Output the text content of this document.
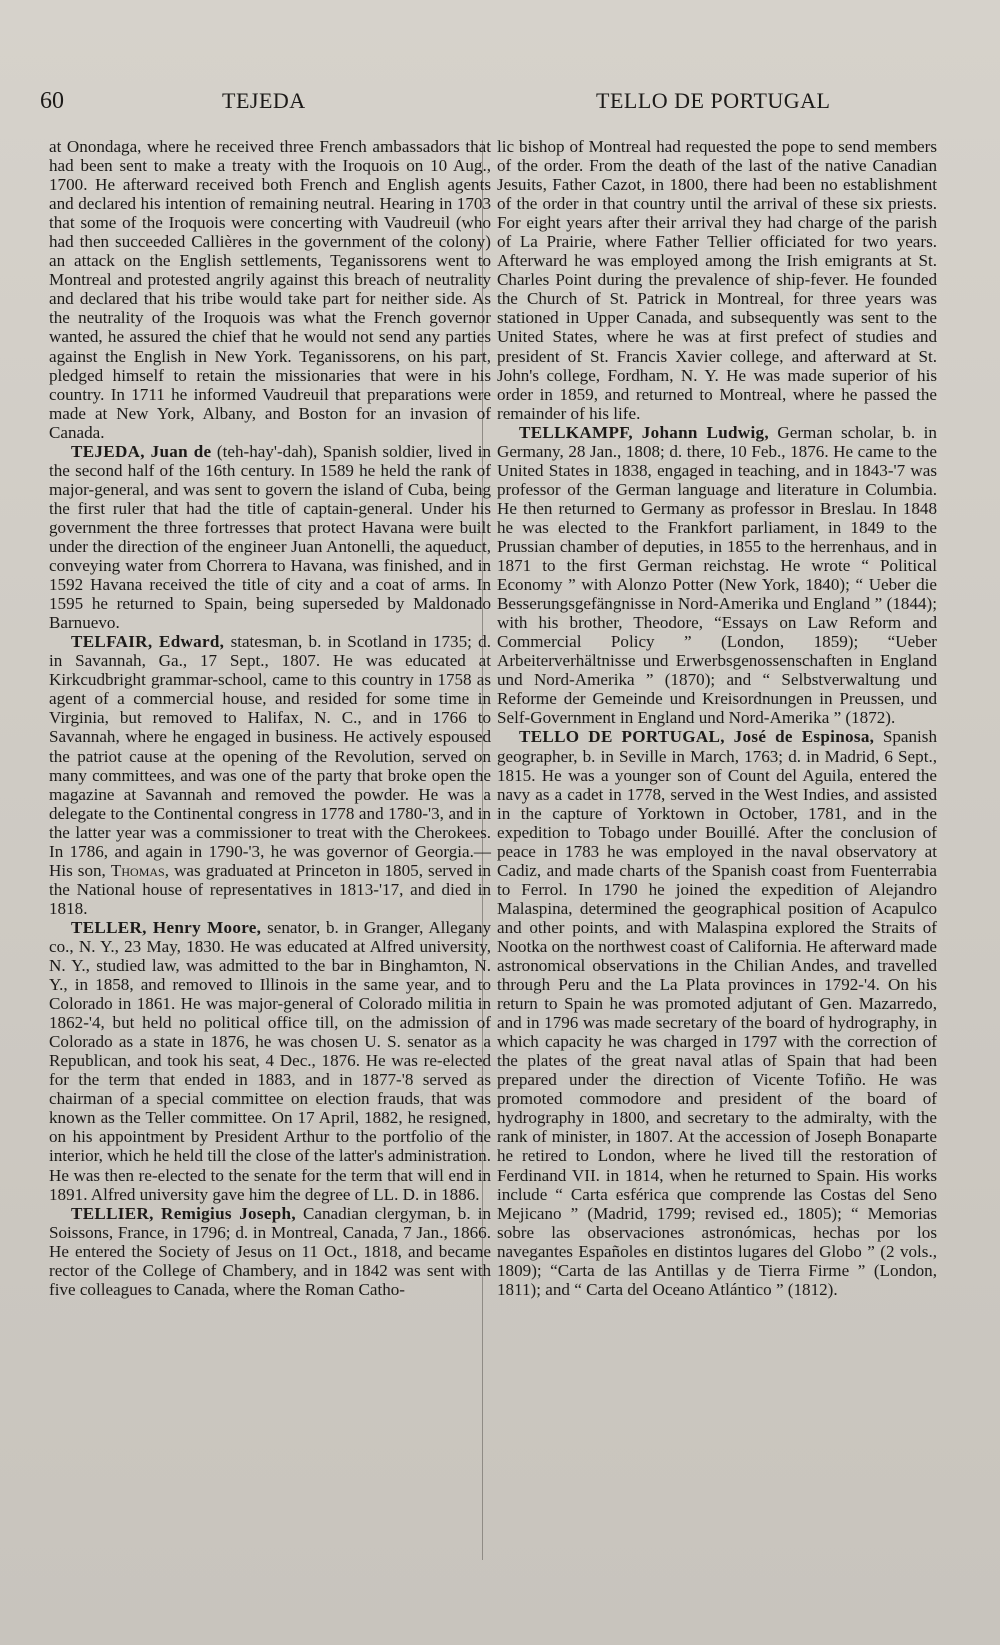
60	TEJEDA	TELLO DE PORTUGAL

at Onondaga, where he received three French ambassadors that had been sent to make a treaty with the Iroquois on 10 Aug., 1700. He afterward received both French and English agents and declared his intention of remaining neutral. Hearing in 1703 that some of the Iroquois were concerting with Vaudreuil (who had then succeeded Callières in the government of the colony) an attack on the English settlements, Teganissorens went to Montreal and protested angrily against this breach of neutrality and declared that his tribe would take part for neither side. As the neutrality of the Iroquois was what the French governor wanted, he assured the chief that he would not send any parties against the English in New York. Teganissorens, on his part, pledged himself to retain the missionaries that were in his country. In 1711 he informed Vaudreuil that preparations were made at New York, Albany, and Boston for an invasion of Canada.

TEJEDA, Juan de (teh-hay'-dah), Spanish soldier, lived in the second half of the 16th century. In 1589 he held the rank of major-general, and was sent to govern the island of Cuba, being the first ruler that had the title of captain-general. Under his government the three fortresses that protect Havana were built under the direction of the engineer Juan Antonelli, the aqueduct, conveying water from Chorrera to Havana, was finished, and in 1592 Havana received the title of city and a coat of arms. In 1595 he returned to Spain, being superseded by Maldonado Barnuevo.

TELFAIR, Edward, statesman, b. in Scotland in 1735; d. in Savannah, Ga., 17 Sept., 1807. He was educated at Kirkcudbright grammar-school, came to this country in 1758 as agent of a commercial house, and resided for some time in Virginia, but removed to Halifax, N. C., and in 1766 to Savannah, where he engaged in business. He actively espoused the patriot cause at the opening of the Revolution, served on many committees, and was one of the party that broke open the magazine at Savannah and removed the powder. He was a delegate to the Continental congress in 1778 and 1780-'3, and in the latter year was a commissioner to treat with the Cherokees. In 1786, and again in 1790-'3, he was governor of Georgia.—His son, Thomas, was graduated at Princeton in 1805, served in the National house of representatives in 1813-'17, and died in 1818.

TELLER, Henry Moore, senator, b. in Granger, Allegany co., N. Y., 23 May, 1830. He was educated at Alfred university, N. Y., studied law, was admitted to the bar in Binghamton, N. Y., in 1858, and removed to Illinois in the same year, and to Colorado in 1861. He was major-general of Colorado militia in 1862-'4, but held no political office till, on the admission of Colorado as a state in 1876, he was chosen U. S. senator as a Republican, and took his seat, 4 Dec., 1876. He was re-elected for the term that ended in 1883, and in 1877-'8 served as chairman of a special committee on election frauds, that was known as the Teller committee. On 17 April, 1882, he resigned, on his appointment by President Arthur to the portfolio of the interior, which he held till the close of the latter's administration. He was then re-elected to the senate for the term that will end in 1891. Alfred university gave him the degree of LL. D. in 1886.

TELLIER, Remigius Joseph, Canadian clergyman, b. in Soissons, France, in 1796; d. in Montreal, Canada, 7 Jan., 1866. He entered the Society of Jesus on 11 Oct., 1818, and became rector of the College of Chambery, and in 1842 was sent with five colleagues to Canada, where the Roman Catho-

lic bishop of Montreal had requested the pope to send members of the order. From the death of the last of the native Canadian Jesuits, Father Cazot, in 1800, there had been no establishment of the order in that country until the arrival of these six priests. For eight years after their arrival they had charge of the parish of La Prairie, where Father Tellier officiated for two years. Afterward he was employed among the Irish emigrants at St. Charles Point during the prevalence of ship-fever. He founded the Church of St. Patrick in Montreal, for three years was stationed in Upper Canada, and subsequently was sent to the United States, where he was at first prefect of studies and president of St. Francis Xavier college, and afterward at St. John's college, Fordham, N. Y. He was made superior of his order in 1859, and returned to Montreal, where he passed the remainder of his life.

TELLKAMPF, Johann Ludwig, German scholar, b. in Germany, 28 Jan., 1808; d. there, 10 Feb., 1876. He came to the United States in 1838, engaged in teaching, and in 1843-'7 was professor of the German language and literature in Columbia. He then returned to Germany as professor in Breslau. In 1848 he was elected to the Frankfort parliament, in 1849 to the Prussian chamber of deputies, in 1855 to the herrenhaus, and in 1871 to the first German reichstag. He wrote “ Political Economy ” with Alonzo Potter (New York, 1840); “ Ueber die Besserungsgefängnisse in Nord-Amerika und England ” (1844); with his brother, Theodore, “Essays on Law Reform and Commercial Policy ” (London, 1859); “Ueber Arbeiterverhältnisse und Erwerbsgenossenschaften in England und Nord-Amerika ” (1870); and “ Selbstverwaltung und Reforme der Gemeinde und Kreisordnungen in Preussen, und Self-Government in England und Nord-Amerika ” (1872).

TELLO DE PORTUGAL, José de Espinosa, Spanish geographer, b. in Seville in March, 1763; d. in Madrid, 6 Sept., 1815. He was a younger son of Count del Aguila, entered the navy as a cadet in 1778, served in the West Indies, and assisted in the capture of Yorktown in October, 1781, and in the expedition to Tobago under Bouillé. After the conclusion of peace in 1783 he was employed in the naval observatory at Cadiz, and made charts of the Spanish coast from Fuenterrabia to Ferrol. In 1790 he joined the expedition of Alejandro Malaspina, determined the geographical position of Acapulco and other points, and with Malaspina explored the Straits of Nootka on the northwest coast of California. He afterward made astronomical observations in the Chilian Andes, and travelled through Peru and the La Plata provinces in 1792-'4. On his return to Spain he was promoted adjutant of Gen. Mazarredo, and in 1796 was made secretary of the board of hydrography, in which capacity he was charged in 1797 with the correction of the plates of the great naval atlas of Spain that had been prepared under the direction of Vicente Tofiño. He was promoted commodore and president of the board of hydrography in 1800, and secretary to the admiralty, with the rank of minister, in 1807. At the accession of Joseph Bonaparte he retired to London, where he lived till the restoration of Ferdinand VII. in 1814, when he returned to Spain. His works include “ Carta esférica que comprende las Costas del Seno Mejicano ” (Madrid, 1799; revised ed., 1805); “ Memorias sobre las observaciones astronómicas, hechas por los navegantes Españoles en distintos lugares del Globo ” (2 vols., 1809); “Carta de las Antillas y de Tierra Firme ” (London, 1811); and “ Carta del Oceano Atlántico ” (1812).
